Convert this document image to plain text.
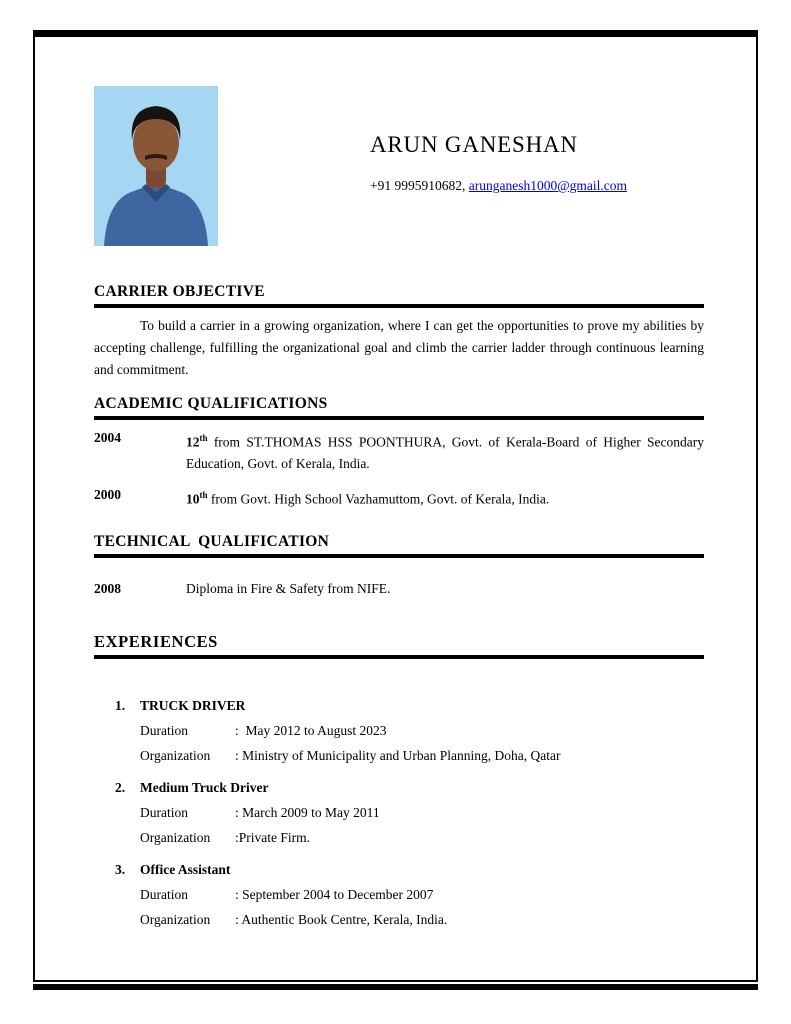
ARUN GANESHAN
+91 9995910682, arunganesh1000@gmail.com
CARRIER OBJECTIVE

To build a carrier in a growing organization, where I can get the opportunities to prove my abilities by accepting challenge, fulfilling the organizational goal and climb the carrier ladder through continuous learning and commitment.

ACADEMIC QUALIFICATIONS
2004	12th from ST.THOMAS HSS POONTHURA, Govt. of Kerala-Board of Higher Secondary Education, Govt. of Kerala, India.
2000	10th from Govt. High School Vazhamuttom, Govt. of Kerala, India.
TECHNICAL  QUALIFICATION
2008	Diploma in Fire & Safety from NIFE.
EXPERIENCES
1.	TRUCK DRIVER
Duration	:  May 2012 to August 2023
Organization	: Ministry of Municipality and Urban Planning, Doha, Qatar
2.	Medium Truck Driver
Duration	: March 2009 to May 2011
Organization	:Private Firm.
3.	Office Assistant
Duration	: September 2004 to December 2007
Organization	: Authentic Book Centre, Kerala, India.
